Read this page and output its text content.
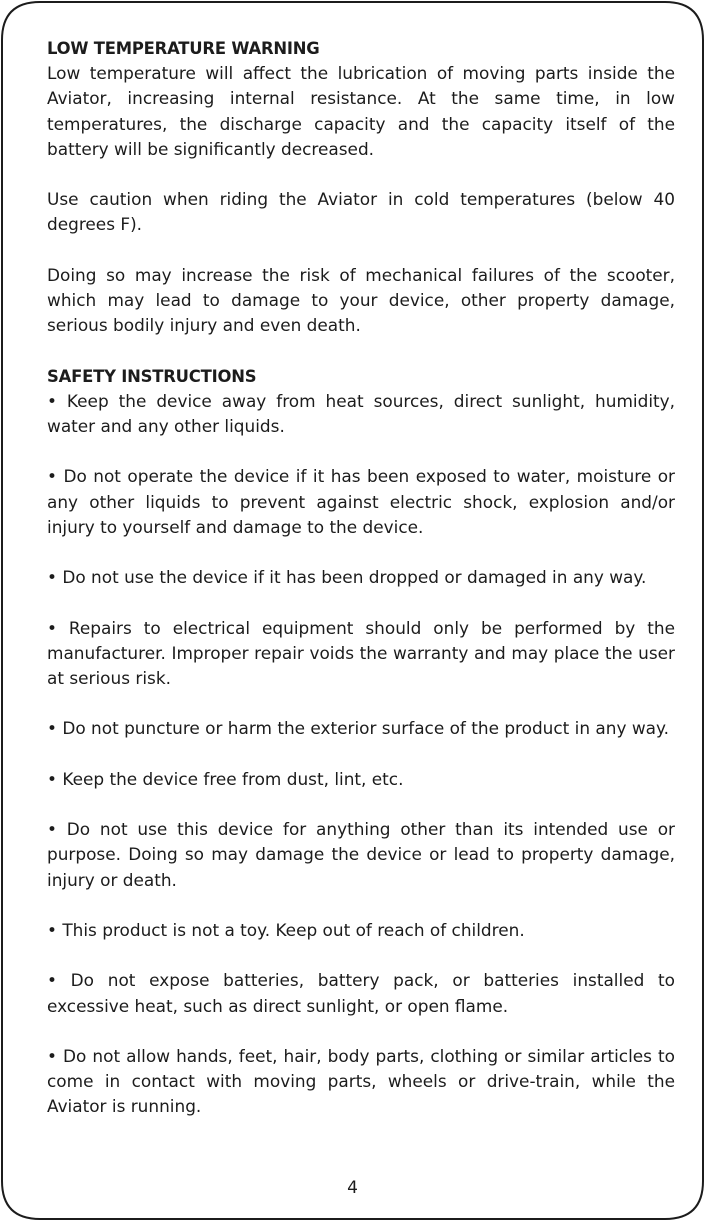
LOW TEMPERATURE WARNING

Low temperature will affect the lubrication of moving parts inside the Aviator, increasing internal resistance. At the same time, in low temperatures, the discharge capacity and the capacity itself of the battery will be significantly decreased.

Use caution when riding the Aviator in cold temperatures (below 40 degrees F).

Doing so may increase the risk of mechanical failures of the scooter, which may lead to damage to your device, other property damage, serious bodily injury and even death.

SAFETY INSTRUCTIONS

• Keep the device away from heat sources, direct sunlight, humidity, water and any other liquids.

• Do not operate the device if it has been exposed to water, moisture or any other liquids to prevent against electric shock, explosion and/or injury to yourself and damage to the device.

• Do not use the device if it has been dropped or damaged in any way.

• Repairs to electrical equipment should only be performed by the manufacturer. Improper repair voids the warranty and may place the user at serious risk.

• Do not puncture or harm the exterior surface of the product in any way.

• Keep the device free from dust, lint, etc.

• Do not use this device for anything other than its intended use or purpose. Doing so may damage the device or lead to property damage, injury or death.

• This product is not a toy. Keep out of reach of children.

• Do not expose batteries, battery pack, or batteries installed to excessive heat, such as direct sunlight, or open flame.

• Do not allow hands, feet, hair, body parts, clothing or similar articles to come in contact with moving parts, wheels or drive-train, while the Aviator is running.

4
